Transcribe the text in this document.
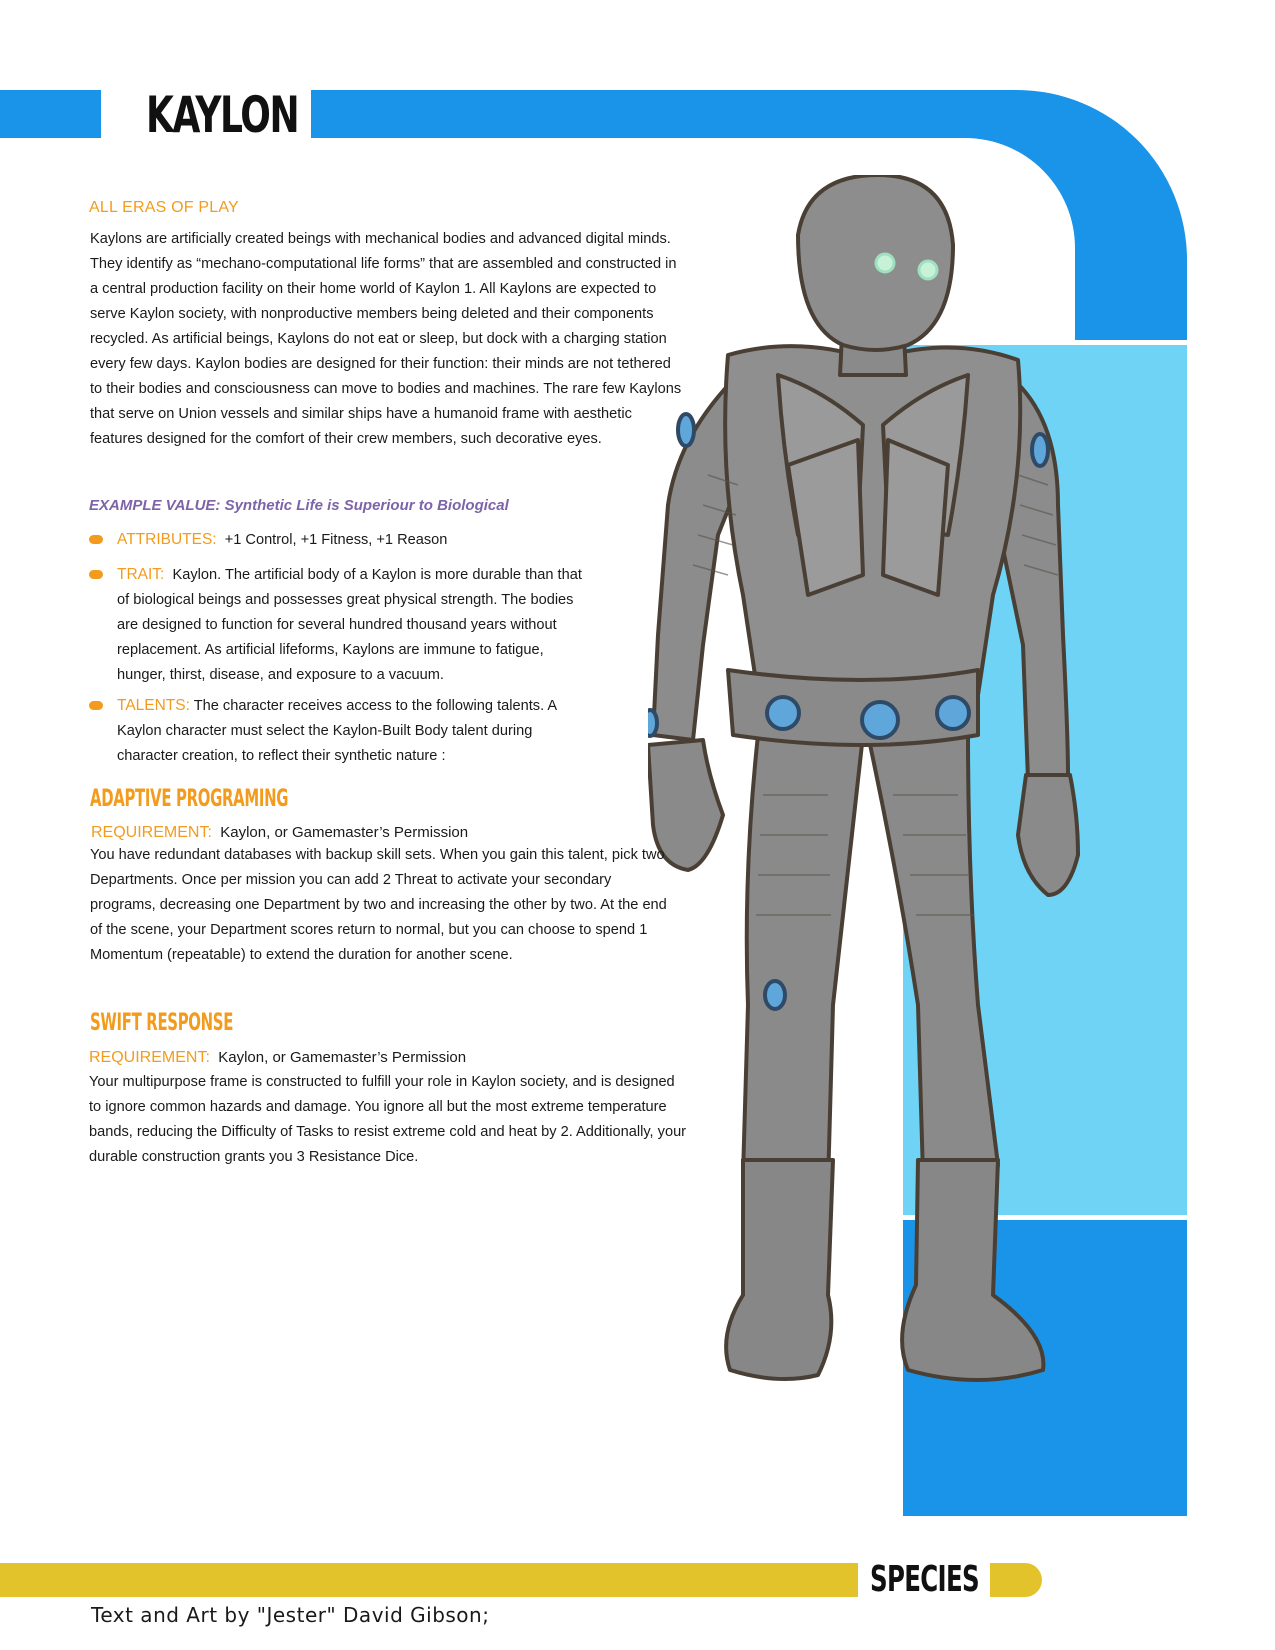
KAYLON
ALL ERAS OF PLAY

Kaylons are artificially created beings with mechanical bodies and advanced digital minds. They identify as “mechano-computational life forms” that are assembled and constructed in a central production facility on their home world of Kaylon 1. All Kaylons are expected to serve Kaylon society, with nonproductive members being deleted and their components recycled. As artificial beings, Kaylons do not eat or sleep, but dock with a charging station every few days. Kaylon bodies are designed for their function: their minds are not tethered to their bodies and consciousness can move to bodies and machines. The rare few Kaylons that serve on Union vessels and similar ships have a humanoid frame with aesthetic features designed for the comfort of their crew members, such decorative eyes.

EXAMPLE VALUE: Synthetic Life is Superiour to Biological
ATTRIBUTES: +1 Control, +1 Fitness, +1 Reason
TRAIT: Kaylon. The artificial body of a Kaylon is more durable than that of biological beings and possesses great physical strength. The bodies are designed to function for several hundred thousand years without replacement. As artificial lifeforms, Kaylons are immune to fatigue, hunger, thirst, disease, and exposure to a vacuum.
TALENTS: The character receives access to the following talents. A Kaylon character must select the Kaylon-Built Body talent during character creation, to reflect their synthetic nature :
ADAPTIVE PROGRAMING
REQUIREMENT: Kaylon, or Gamemaster’s Permission

You have redundant databases with backup skill sets. When you gain this talent, pick two Departments. Once per mission you can add 2 Threat to activate your secondary programs, decreasing one Department by two and increasing the other by two. At the end of the scene, your Department scores return to normal, but you can choose to spend 1 Momentum (repeatable) to extend the duration for another scene.

SWIFT RESPONSE
REQUIREMENT: Kaylon, or Gamemaster’s Permission

Your multipurpose frame is constructed to fulfill your role in Kaylon society, and is designed to ignore common hazards and damage. You ignore all but the most extreme temperature bands, reducing the Difficulty of Tasks to resist extreme cold and heat by 2. Additionally, your durable construction grants you 3 Resistance Dice.

SPECIES
Text and Art by "Jester" David Gibson;
